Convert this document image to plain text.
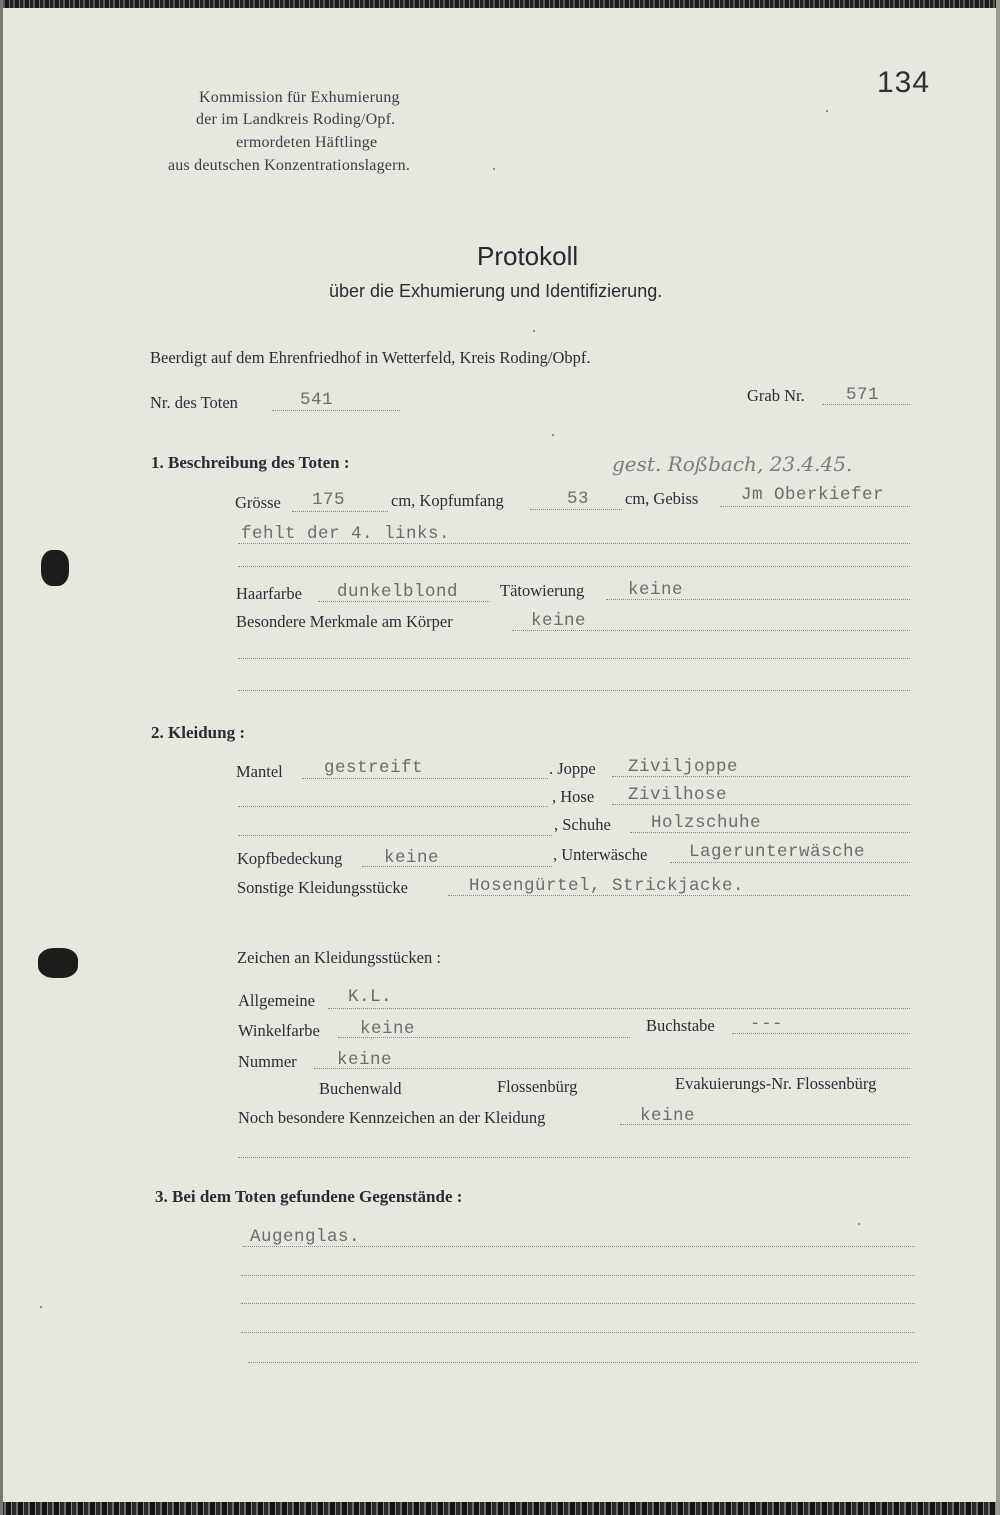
134
Kommission für Exhumierung
der im Landkreis Roding/Opf.
ermordeten Häftlinge
aus deutschen Konzentrationslagern.
Protokoll
über die Exhumierung und Identifizierung.
Beerdigt auf dem Ehrenfriedhof in Wetterfeld, Kreis Roding/Obpf.
Nr. des Toten	541	Grab Nr. 571
1. Beschreibung des Toten :	gest. Roßbach, 23.4.45.
Grösse 175	cm, Kopfumfang	53 cm, Gebiss Jm Oberkiefer
fehlt der 4. links.
Haarfarbe dunkelblond	Tätowierung keine
Besondere Merkmale am Körper	keine
2. Kleidung :
Mantel gestreift	. Joppe Ziviljoppe
, Hose Zivilhose
, Schuhe Holzschuhe
Kopfbedeckung keine	, Unterwäsche Lagerunterwäsche
Sonstige Kleidungsstücke	Hosengürtel, Strickjacke.
Zeichen an Kleidungsstücken :
Allgemeine K.L.
Winkelfarbe keine	Buchstabe ---
Nummer keine
Buchenwald	Flossenbürg	Evakuierungs-Nr. Flossenbürg
Noch besondere Kennzeichen an der Kleidung	keine
3. Bei dem Toten gefundene Gegenstände :
Augenglas.
